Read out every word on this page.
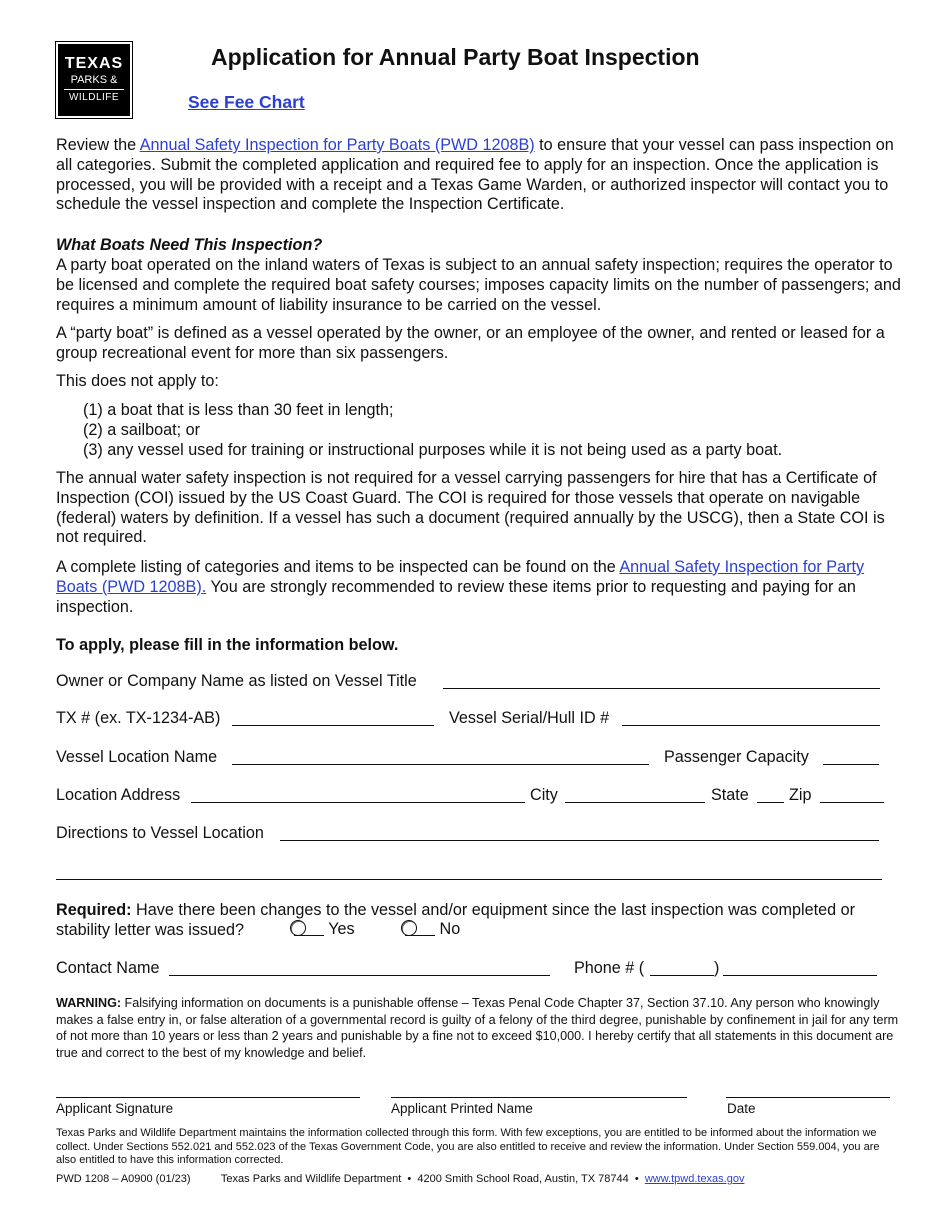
TEXAS
PARKS &
WILDLIFE
Application for Annual Party Boat Inspection
See Fee Chart
Review the Annual Safety Inspection for Party Boats (PWD 1208B) to ensure that your vessel can pass inspection on all categories. Submit the completed application and required fee to apply for an inspection. Once the application is processed, you will be provided with a receipt and a Texas Game Warden, or authorized inspector will contact you to schedule the vessel inspection and complete the Inspection Certificate.
What Boats Need This Inspection?
A party boat operated on the inland waters of Texas is subject to an annual safety inspection; requires the operator to be licensed and complete the required boat safety courses; imposes capacity limits on the number of passengers; and requires a minimum amount of liability insurance to be carried on the vessel.
A “party boat” is defined as a vessel operated by the owner, or an employee of the owner, and rented or leased for a group recreational event for more than six passengers.
This does not apply to:
(1) a boat that is less than 30 feet in length;
(2) a sailboat; or
(3) any vessel used for training or instructional purposes while it is not being used as a party boat.
The annual water safety inspection is not required for a vessel carrying passengers for hire that has a Certificate of Inspection (COI) issued by the US Coast Guard. The COI is required for those vessels that operate on navigable (federal) waters by definition. If a vessel has such a document (required annually by the USCG), then a State COI is not required.
A complete listing of categories and items to be inspected can be found on the Annual Safety Inspection for Party Boats (PWD 1208B). You are strongly recommended to review these items prior to requesting and paying for an inspection.
To apply, please fill in the information below.
Owner or Company Name as listed on Vessel Title
TX # (ex. TX-1234-AB)	Vessel Serial/Hull ID #
Vessel Location Name	Passenger Capacity
Location Address	City	State Zip
Directions to Vessel Location
Required: Have there been changes to the vessel and/or equipment since the last inspection was completed or stability letter was issued?	Yes	No
Contact Name	Phone # (	)
WARNING: Falsifying information on documents is a punishable offense – Texas Penal Code Chapter 37, Section 37.10. Any person who knowingly makes a false entry in, or false alteration of a governmental record is guilty of a felony of the third degree, punishable by confinement in jail for any term of not more than 10 years or less than 2 years and punishable by a fine not to exceed $10,000. I hereby certify that all statements in this document are true and correct to the best of my knowledge and belief.
Applicant Signature	Applicant Printed Name	Date
Texas Parks and Wildlife Department maintains the information collected through this form. With few exceptions, you are entitled to be informed about the information we collect. Under Sections 552.021 and 552.023 of the Texas Government Code, you are also entitled to receive and review the information. Under Section 559.004, you are also entitled to have this information corrected.
PWD 1208 – A0900 (01/23)	Texas Parks and Wildlife Department  •  4200 Smith School Road, Austin, TX 78744  •  www.tpwd.texas.gov
